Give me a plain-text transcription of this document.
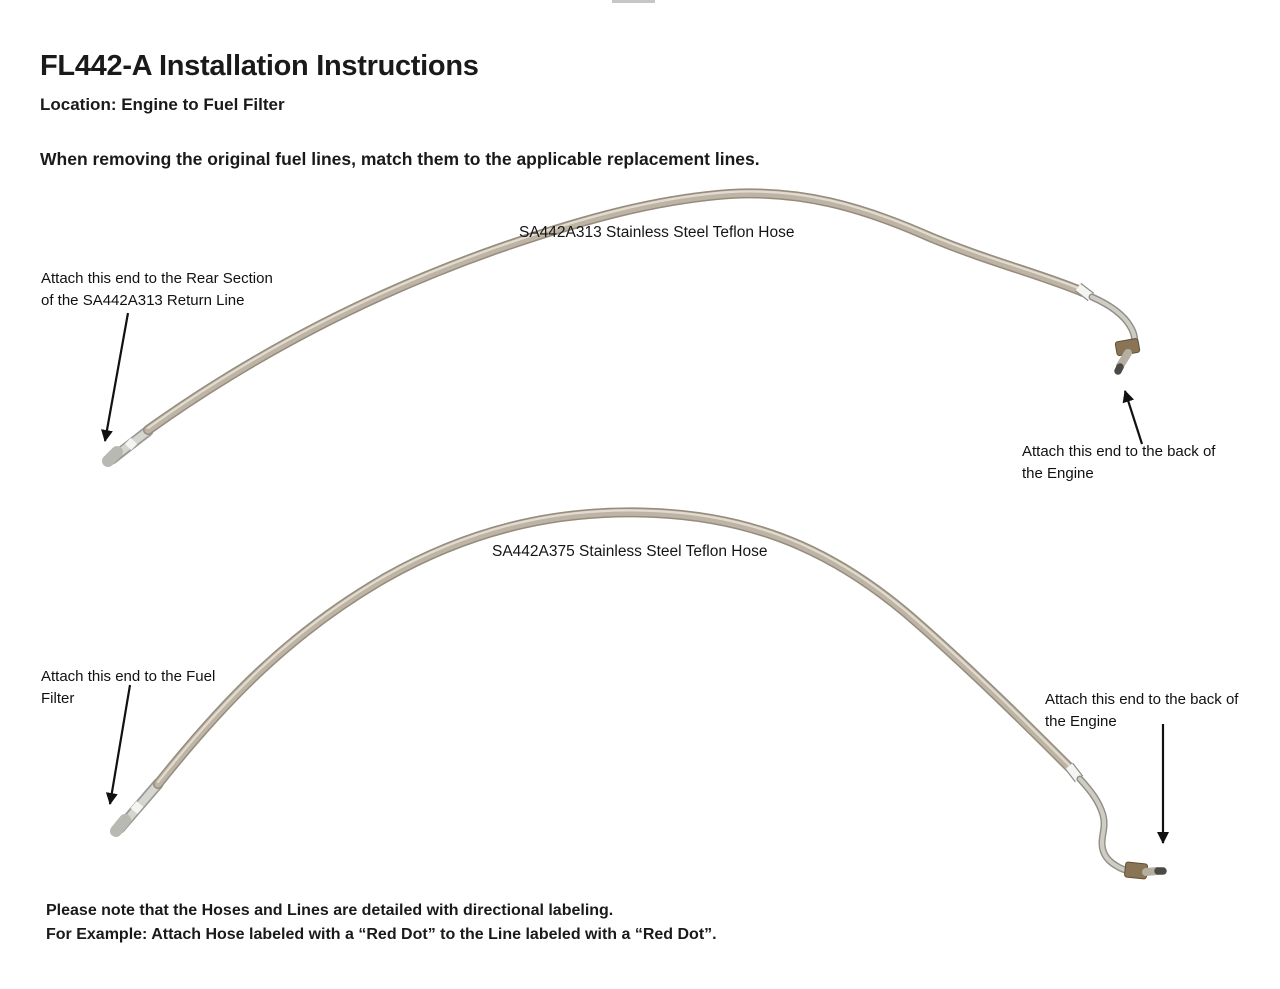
FL442-A Installation Instructions
Location: Engine to Fuel Filter
When removing the original fuel lines, match them to the applicable replacement lines.
SA442A313 Stainless Steel Teflon Hose
Attach this end to the Rear Section
of the SA442A313 Return Line
Attach this end to the back of
the Engine
SA442A375 Stainless Steel Teflon Hose
Attach this end to the Fuel
Filter	Attach this end to the back of
the Engine
Please note that the Hoses and Lines are detailed with directional labeling.
For Example: Attach Hose labeled with a “Red Dot” to the Line labeled with a “Red Dot”.
